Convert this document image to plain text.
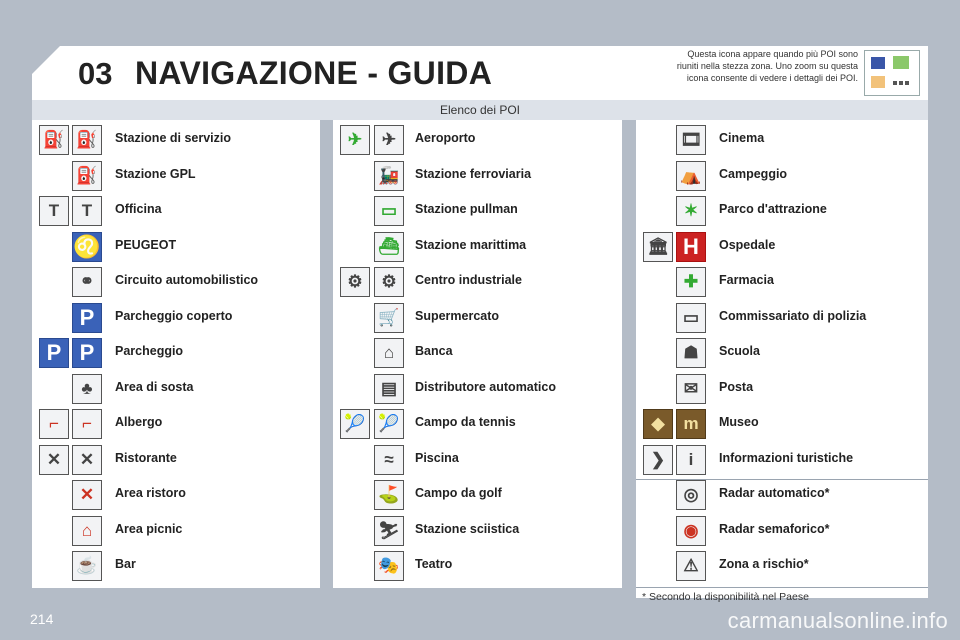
03 NAVIGAZIONE - GUIDA
Questa icona appare quando più POI sono riuniti nella stezza zona. Uno zoom su questa icona consente di vedere i dettagli dei POI.
Elenco dei POI
⛽ ⛽	Stazione di servizio
⛽	Stazione GPL
T	T	Officina
♌ PEUGEOT
⚭	Circuito automobilistico
P	Parcheggio coperto
P P	Parcheggio
♣	Area di sosta
⌐	⌐	Albergo
✕	✕	Ristorante
✕	Area ristoro
⌂	Area picnic
☕	Bar
✈	✈	Aeroporto
🚂	Stazione ferroviaria
▭	Stazione pullman
⛴	Stazione marittima
⚙	⚙	Centro industriale
🛒	Supermercato
⌂	Banca
▤	Distributore automatico
🎾 🎾	Campo da tennis
≈	Piscina
⛳	Campo da golf
⛷	Stazione sciistica
🎭	Teatro
🎞	Cinema
⛺	Campeggio
✶	Parco d'attrazione
🏛 H	Ospedale
✚	Farmacia
▭	Commissariato di polizia
☗	Scuola
✉	Posta
◆	m	Museo
❯	i	Informazioni turistiche
◎	Radar automatico*
◉	Radar semaforico*
⚠	Zona a rischio*
* Secondo la disponibilità nel Paese
214	carmanualsonline.info
